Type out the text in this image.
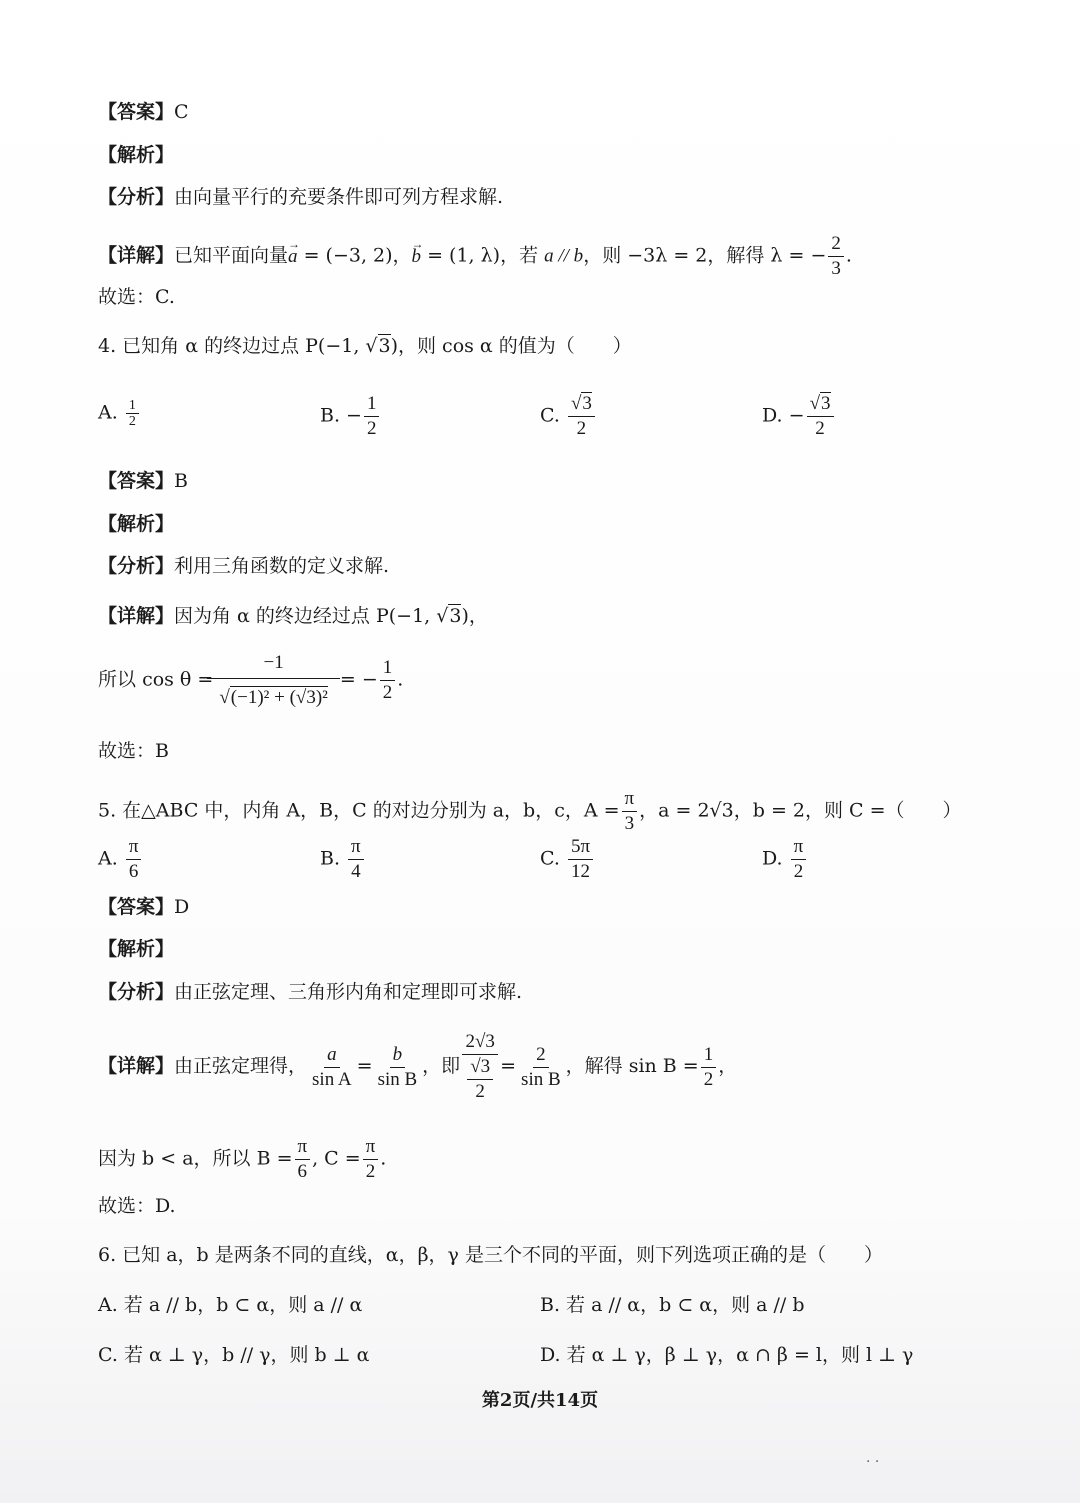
【答案】C
【解析】
【分析】由向量平行的充要条件即可列方程求解.
【详解】已知平面向量→ a = (−3, 2)，→ b = (1, λ)，若 a // b，则 −3λ = 2，解得 λ = − $\frac{2}{3}$ .
故选：C.
4. 已知角 α 的终边过点 P(−1, √ 3)，则 cos α 的值为（　　）
A. $\frac{1}{2}$	B. − $\frac{1}{2}$	C. √ $\frac{3}{2}$	D. − √ $\frac{3}{2}$
【答案】B
【解析】
【分析】利用三角函数的定义求解.
【详解】因为角 α 的终边经过点 P(−1, √ 3)，
所以 cos θ = −1
√ (−1)² + (√3)² = − $\frac{1}{2}$ .
故选：B
5. 在△ABC 中，内角 A，B，C 的对边分别为 a，b，c，$A = \frac{\pi}{3}$ ，a = 2√3，b = 2，则 C =（　　）
A. $\frac{\pi}{6}$	B. $\frac{\pi}{4}$	C. $\frac{5\pi}{12}$	D. $\frac{\pi}{2}$
【答案】D
【解析】
【分析】由正弦定理、三角形内角和定理即可求解.
【详解】由正弦定理得， $\frac{a}{\text{sin A}} = \frac{b}{\text{sin B}}$ ，即 $\frac{2√3}{\frac{√3}{2}} = \frac{2}{\text{sin B}}$ ，解得 $\sin B = \frac{1}{2}$ ，
因为 b < a，所以 $B = \frac{\pi}{6}$ , $C = \frac{\pi}{2}$ .
故选：D.
6. 已知 a，b 是两条不同的直线，α，β，γ 是三个不同的平面，则下列选项正确的是（　　）
A. 若 a // b，b ⊂ α，则 a // α	B. 若 a // α，b ⊂ α，则 a // b
C. 若 α ⊥ γ，b // γ，则 b ⊥ α	D. 若 α ⊥ γ，β ⊥ γ，α ∩ β = l，则 l ⊥ γ
第2页/共14页
· ·
